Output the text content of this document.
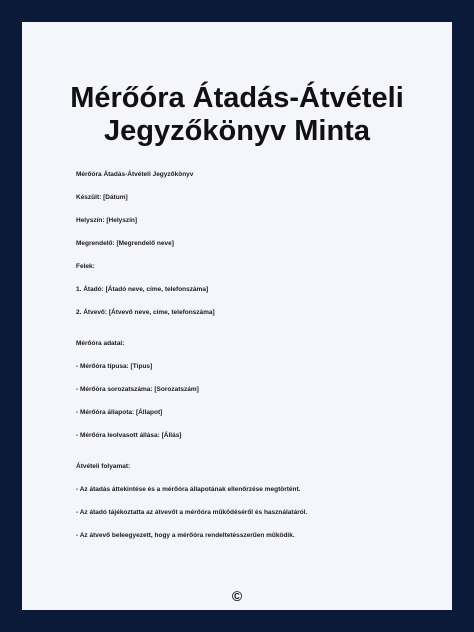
Mérőóra Átadás-Átvételi
Jegyzőkönyv Minta
Mérőóra Átadás-Átvételi Jegyzőkönyv
Készült: [Dátum]
Helyszín: [Helyszín]
Megrendelő: [Megrendelő neve]
Felek:
1. Átadó: [Átadó neve, címe, telefonszáma]
2. Átvevő: [Átvevő neve, címe, telefonszáma]
Mérőóra adatai:
- Mérőóra típusa: [Típus]
- Mérőóra sorozatszáma: [Sorozatszám]
- Mérőóra állapota: [Állapot]
- Mérőóra leolvasott állása: [Állás]
Átvételi folyamat:
- Az átadás áttekintése és a mérőóra állapotának ellenőrzése megtörtént.
- Az átadó tájékoztatta az átvevőt a mérőóra működéséről és használatáról.
- Az átvevő beleegyezett, hogy a mérőóra rendeltetésszerűen működik.
©
